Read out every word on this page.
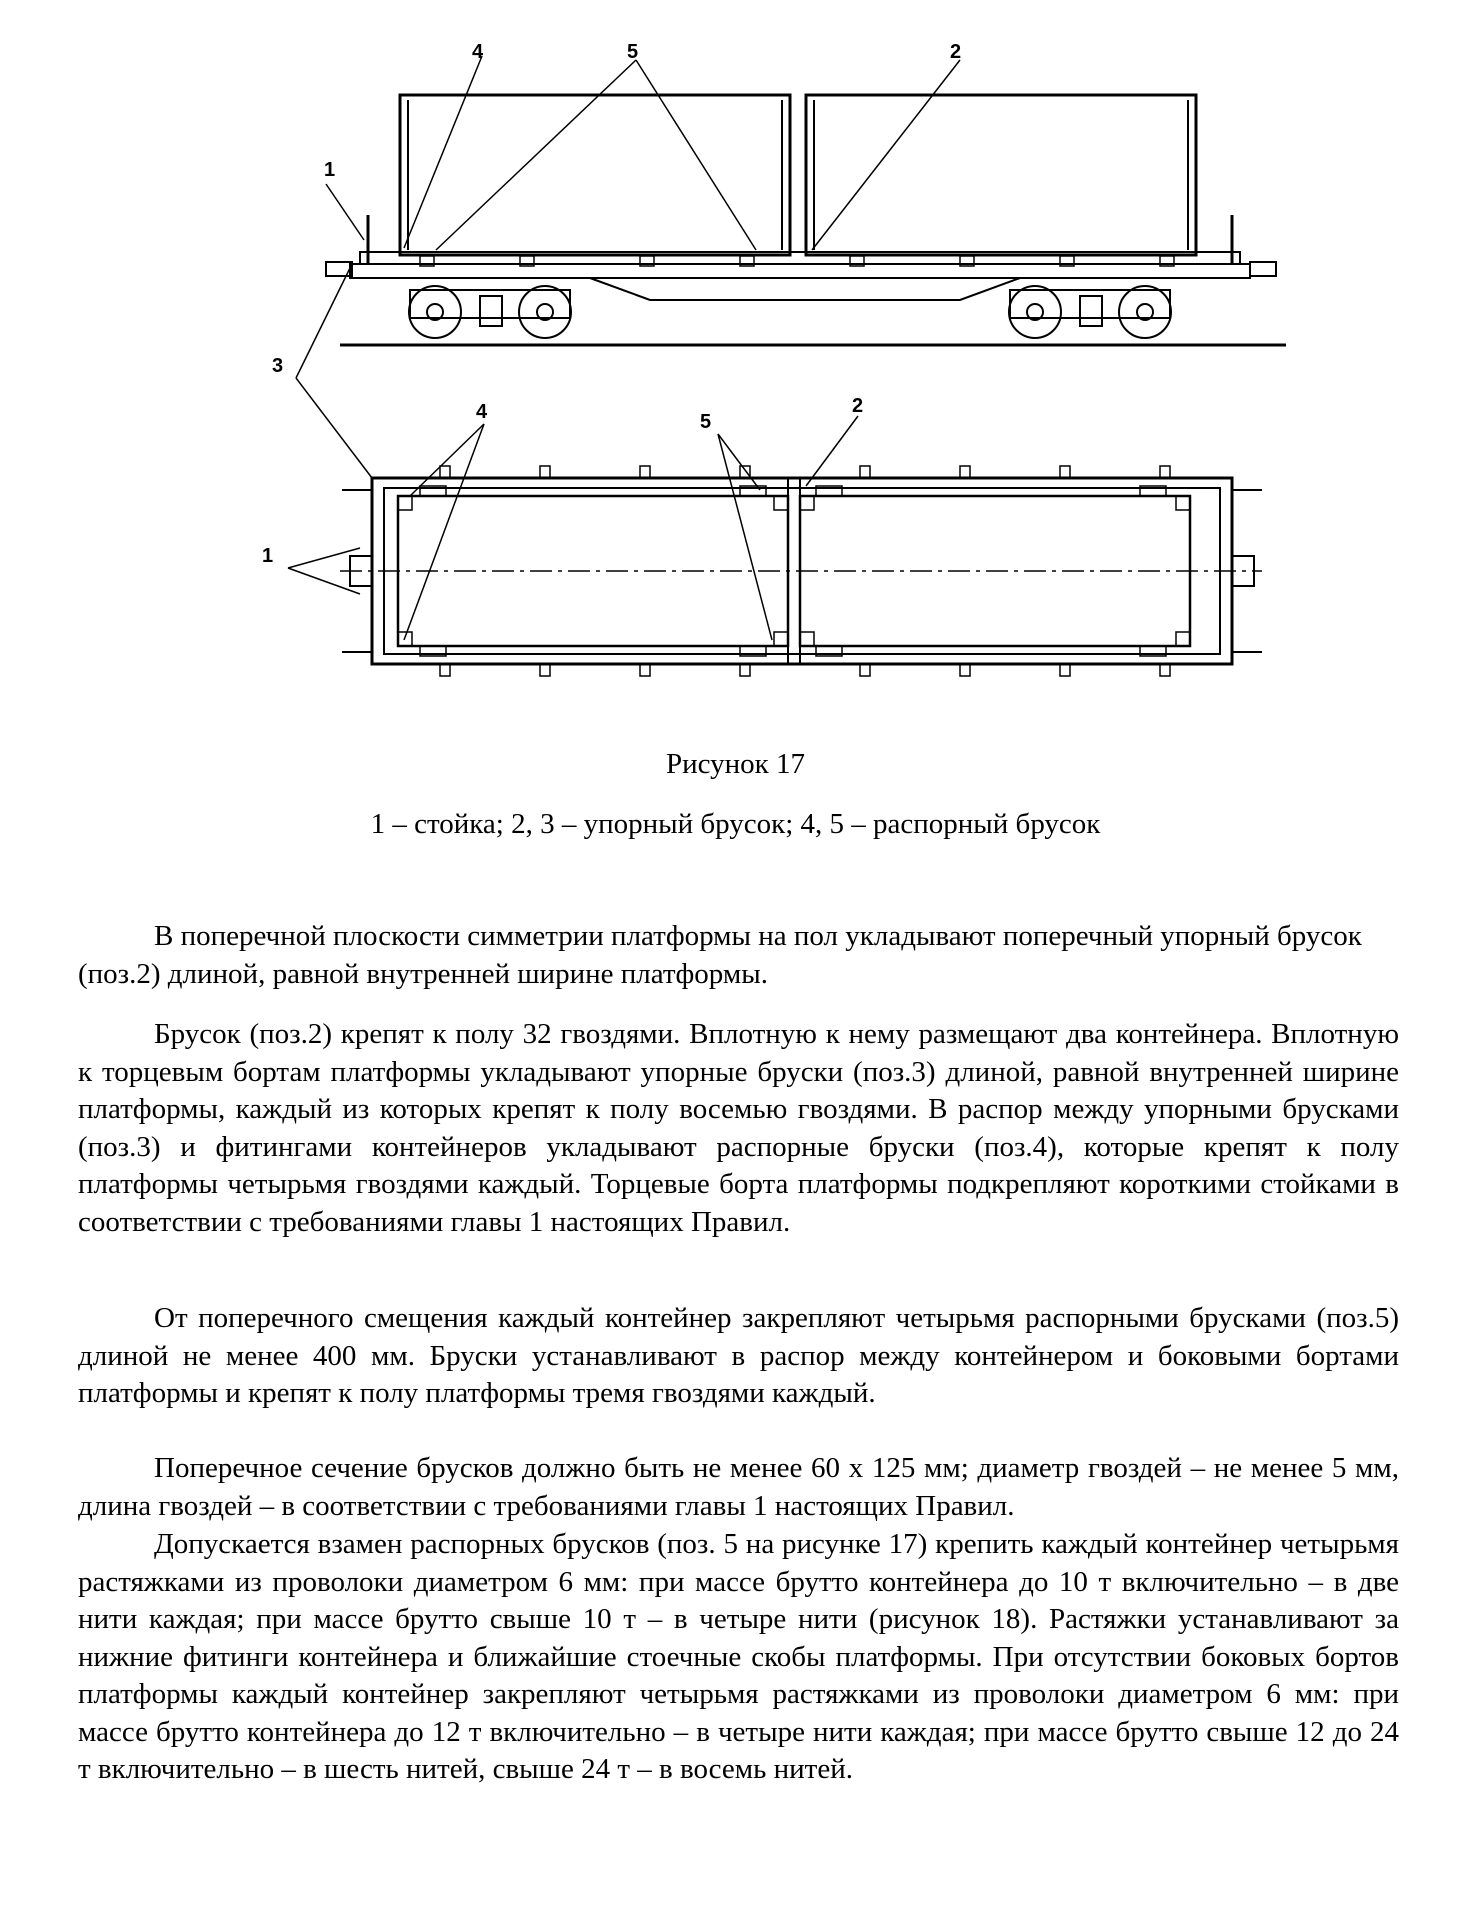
4	5	2
1
3
4	5
2
1
Рисунок 17
1 – стойка; 2, 3 – упорный брусок; 4, 5 – распорный брусок

В поперечной плоскости симметрии платформы на пол укладывают поперечный упорный брусок (поз.2) длиной, равной внутренней ширине платформы.

Брусок (поз.2) крепят к полу 32 гвоздями. Вплотную к нему размещают два контейнера. Вплотную к торцевым бортам платформы укладывают упорные бруски (поз.3) длиной, равной внутренней ширине платформы, каждый из которых крепят к полу восемью гвоздями. В распор между упорными брусками (поз.3) и фитингами контейнеров укладывают распорные бруски (поз.4), которые крепят к полу платформы четырьмя гвоздями каждый. Торцевые борта платформы подкрепляют короткими стойками в соответствии с требованиями главы 1 настоящих Правил.

От поперечного смещения каждый контейнер закрепляют четырьмя распорными брусками (поз.5) длиной не менее 400 мм. Бруски устанавливают в распор между контейнером и боковыми бортами платформы и крепят к полу платформы тремя гвоздями каждый.

Поперечное сечение брусков должно быть не менее 60 х 125 мм; диаметр гвоздей – не менее 5 мм, длина гвоздей – в соответствии с требованиями главы 1 настоящих Правил.

Допускается взамен распорных брусков (поз. 5 на рисунке 17) крепить каждый контейнер четырьмя растяжками из проволоки диаметром 6 мм: при массе брутто контейнера до 10 т включительно – в две нити каждая; при массе брутто свыше 10 т – в четыре нити (рисунок 18). Растяжки устанавливают за нижние фитинги контейнера и ближайшие стоечные скобы платформы. При отсутствии боковых бортов платформы каждый контейнер закрепляют четырьмя растяжками из проволоки диаметром 6 мм: при массе брутто контейнера до 12 т включительно – в четыре нити каждая; при массе брутто свыше 12 до 24 т включительно – в шесть нитей, свыше 24 т – в восемь нитей.
